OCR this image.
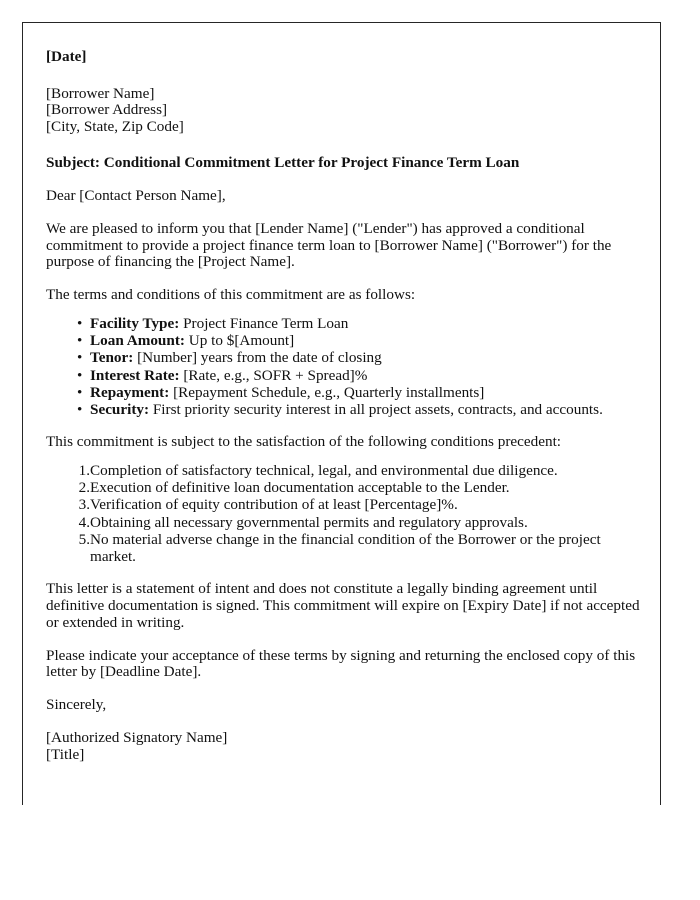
[Date]
[Borrower Name]
[Borrower Address]
[City, State, Zip Code]
Subject: Conditional Commitment Letter for Project Finance Term Loan

Dear [Contact Person Name],

We are pleased to inform you that [Lender Name] ("Lender") has approved a conditional commitment to provide a project finance term loan to [Borrower Name] ("Borrower") for the purpose of financing the [Project Name].

The terms and conditions of this commitment are as follows:

• Facility Type: Project Finance Term Loan
• Loan Amount: Up to $[Amount]
• Tenor: [Number] years from the date of closing
• Interest Rate: [Rate, e.g., SOFR + Spread]%
• Repayment: [Repayment Schedule, e.g., Quarterly installments]
• Security: First priority security interest in all project assets, contracts, and accounts.

This commitment is subject to the satisfaction of the following conditions precedent:

1. Completion of satisfactory technical, legal, and environmental due diligence.
2. Execution of definitive loan documentation acceptable to the Lender.
3. Verification of equity contribution of at least [Percentage]%.
4. Obtaining all necessary governmental permits and regulatory approvals.
5. No material adverse change in the financial condition of the Borrower or the project market.

This letter is a statement of intent and does not constitute a legally binding agreement until definitive documentation is signed. This commitment will expire on [Expiry Date] if not accepted or extended in writing.

Please indicate your acceptance of these terms by signing and returning the enclosed copy of this letter by [Deadline Date].

Sincerely,

[Authorized Signatory Name]
[Title]
